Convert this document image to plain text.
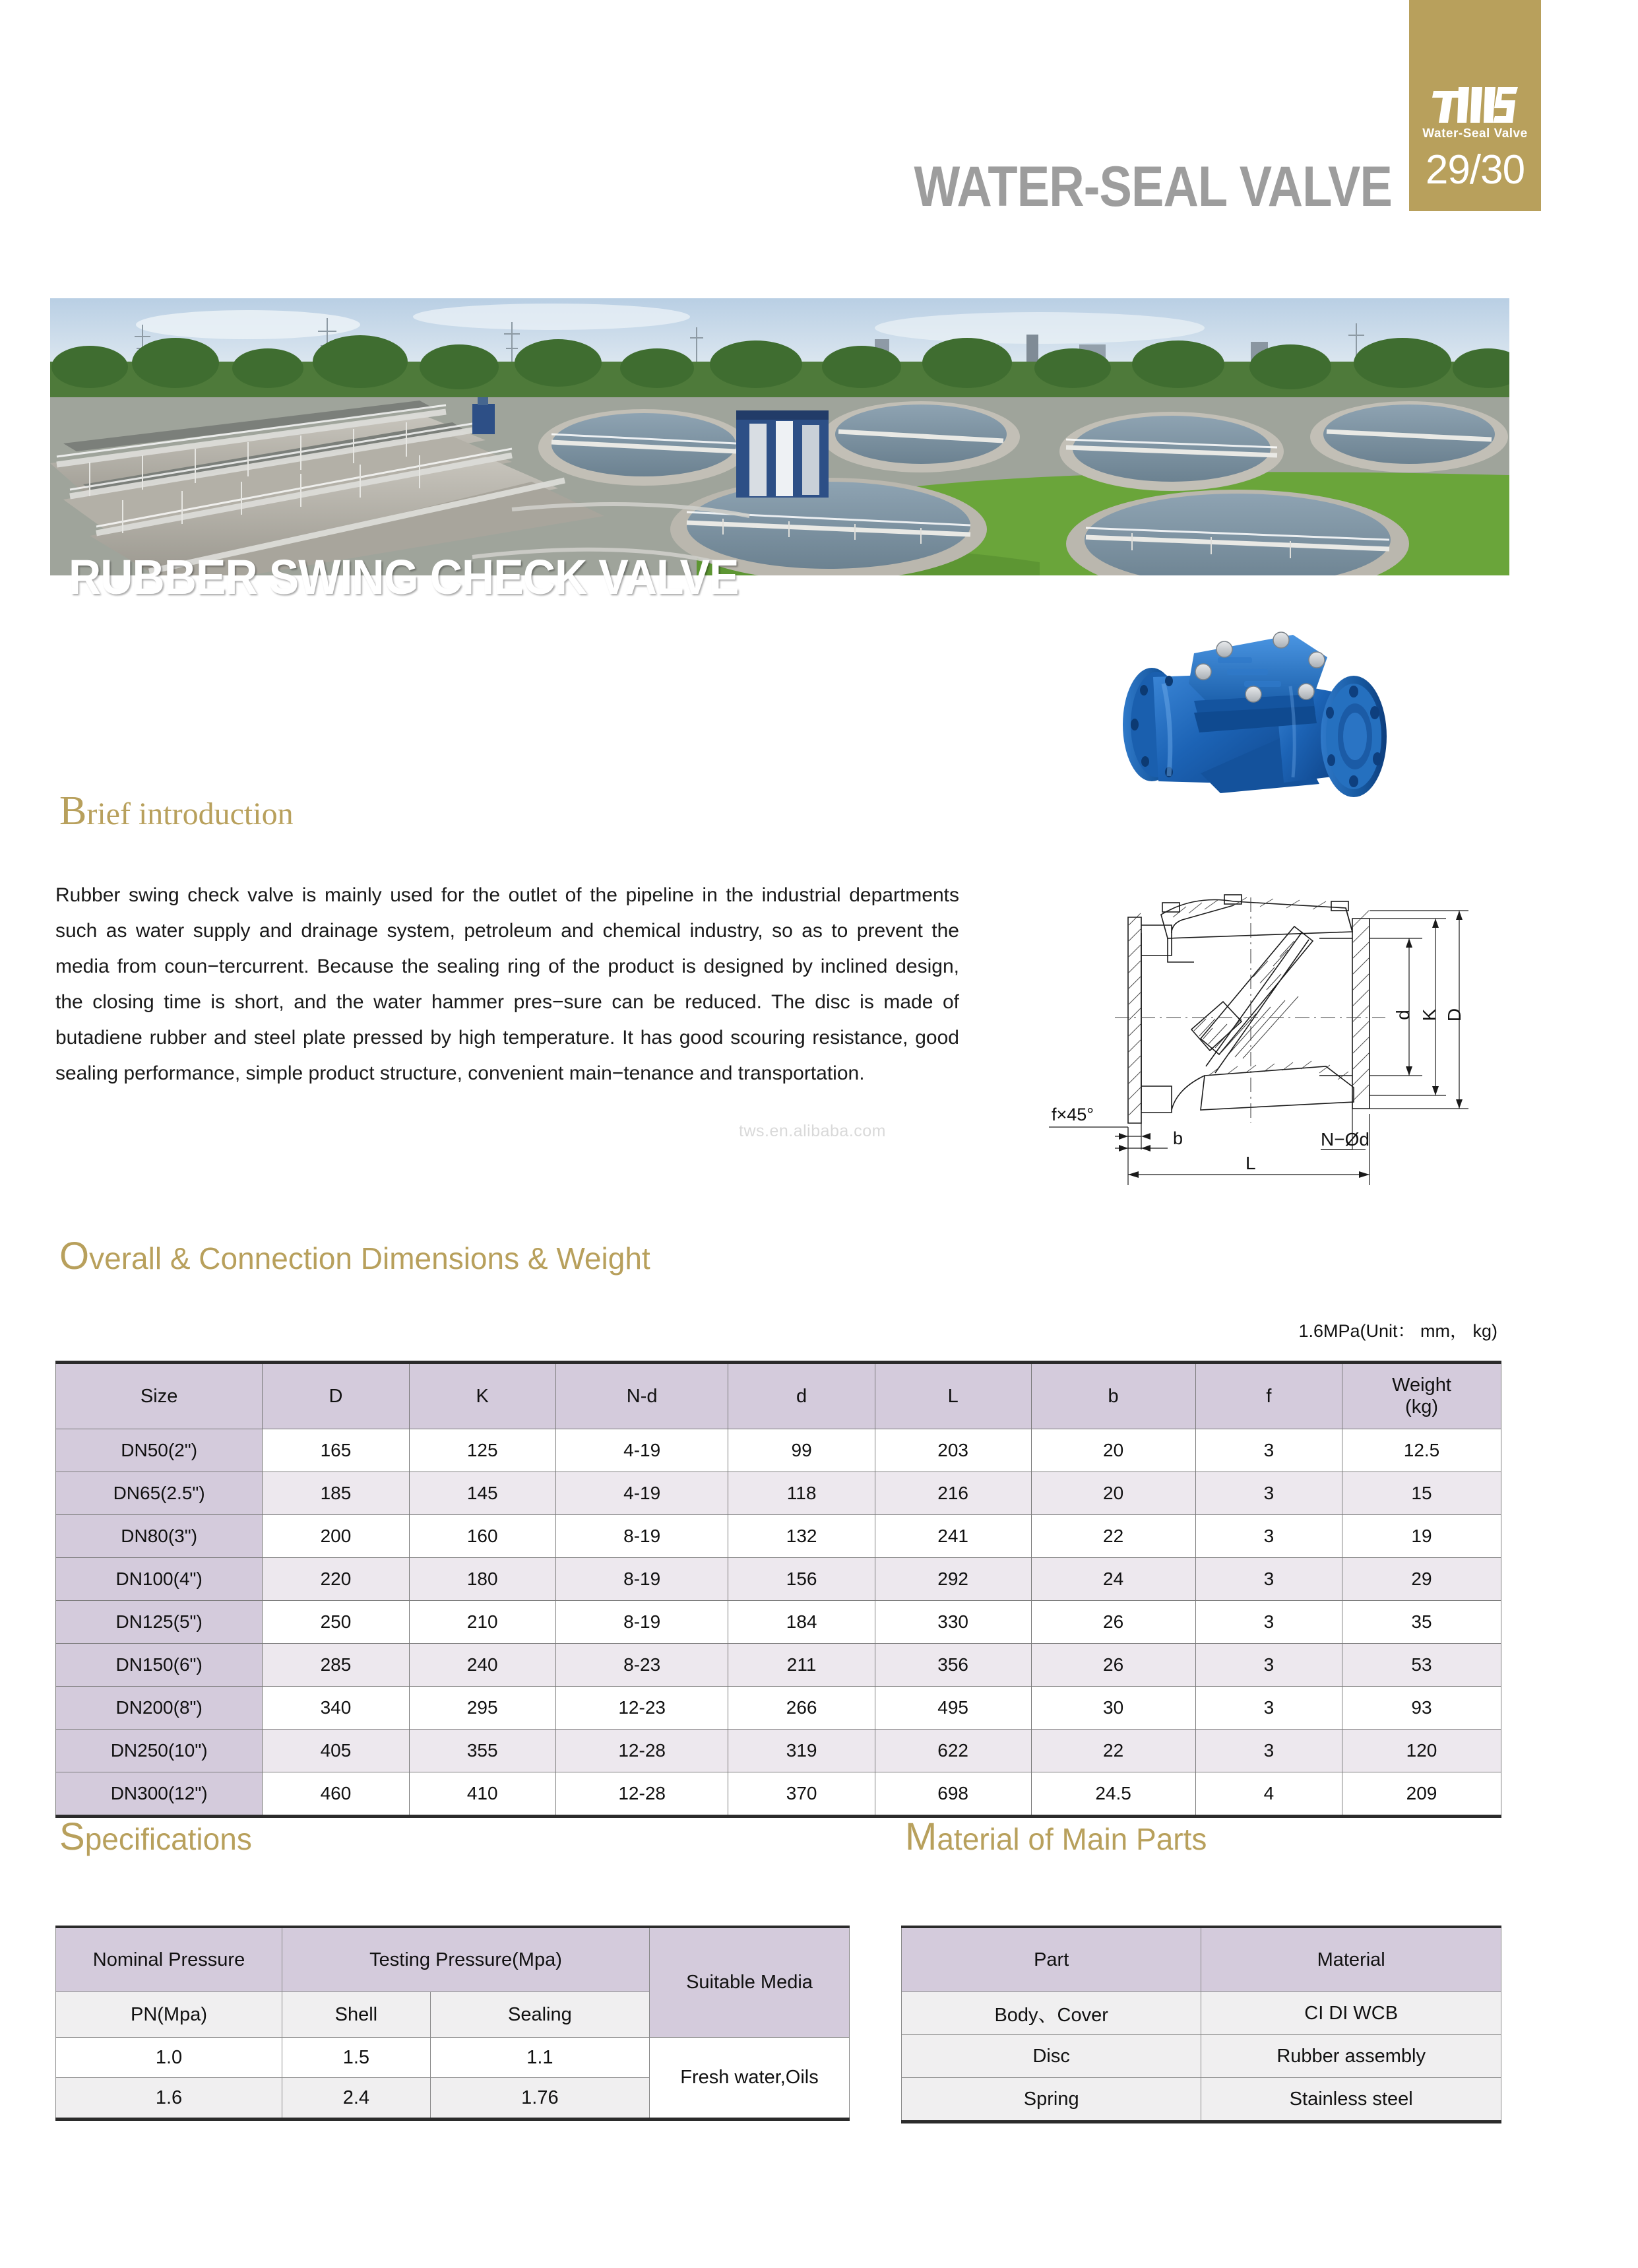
Water-Seal Valve
29/30
WATER-SEAL VALVE
RUBBER SWING CHECK VALVE
Brief introduction
Rubber swing check valve is mainly used for the outlet of the pipeline in the industrial departments such as water supply and drainage system, petroleum and chemical industry, so as to prevent the media from coun−tercurrent. Because the sealing ring of the product is designed by inclined design, the closing time is short, and the water hammer pres−sure can be reduced. The disc is made of butadiene rubber and steel plate pressed by high temperature. It has good scouring resistance, good sealing performance, simple product structure, convenient main−tenance and transportation.
tws.en.alibaba.com
f×45°
b
L
N−Ød
d K D
Overall & Connection Dimensions & Weight
1.6MPa(Unit： mm， kg)
Size	D	K	N-d	d	L	b	f	Weight
(kg)

DN50(2")	165	125	4-19	99	203	20	3	12.5
DN65(2.5")	185	145	4-19	118	216	20	3	15
DN80(3")	200	160	8-19	132	241	22	3	19
DN100(4")	220	180	8-19	156	292	24	3	29
DN125(5")	250	210	8-19	184	330	26	3	35
DN150(6")	285	240	8-23	211	356	26	3	53
DN200(8")	340	295	12-23	266	495	30	3	93
DN250(10")	405	355	12-28	319	622	22	3	120
DN300(12")	460	410	12-28	370	698	24.5	4	209
Specifications
Nominal Pressure	Testing Pressure(Mpa)		Suitable Media
PN(Mpa)	Shell	Sealing	
1.0	1.5	1.1	Fresh water,Oils
1.6	2.4	1.76	
Material of Main Parts
Part	Material
Body、Cover	CI DI WCB
Disc	Rubber assembly
Spring	Stainless steel
